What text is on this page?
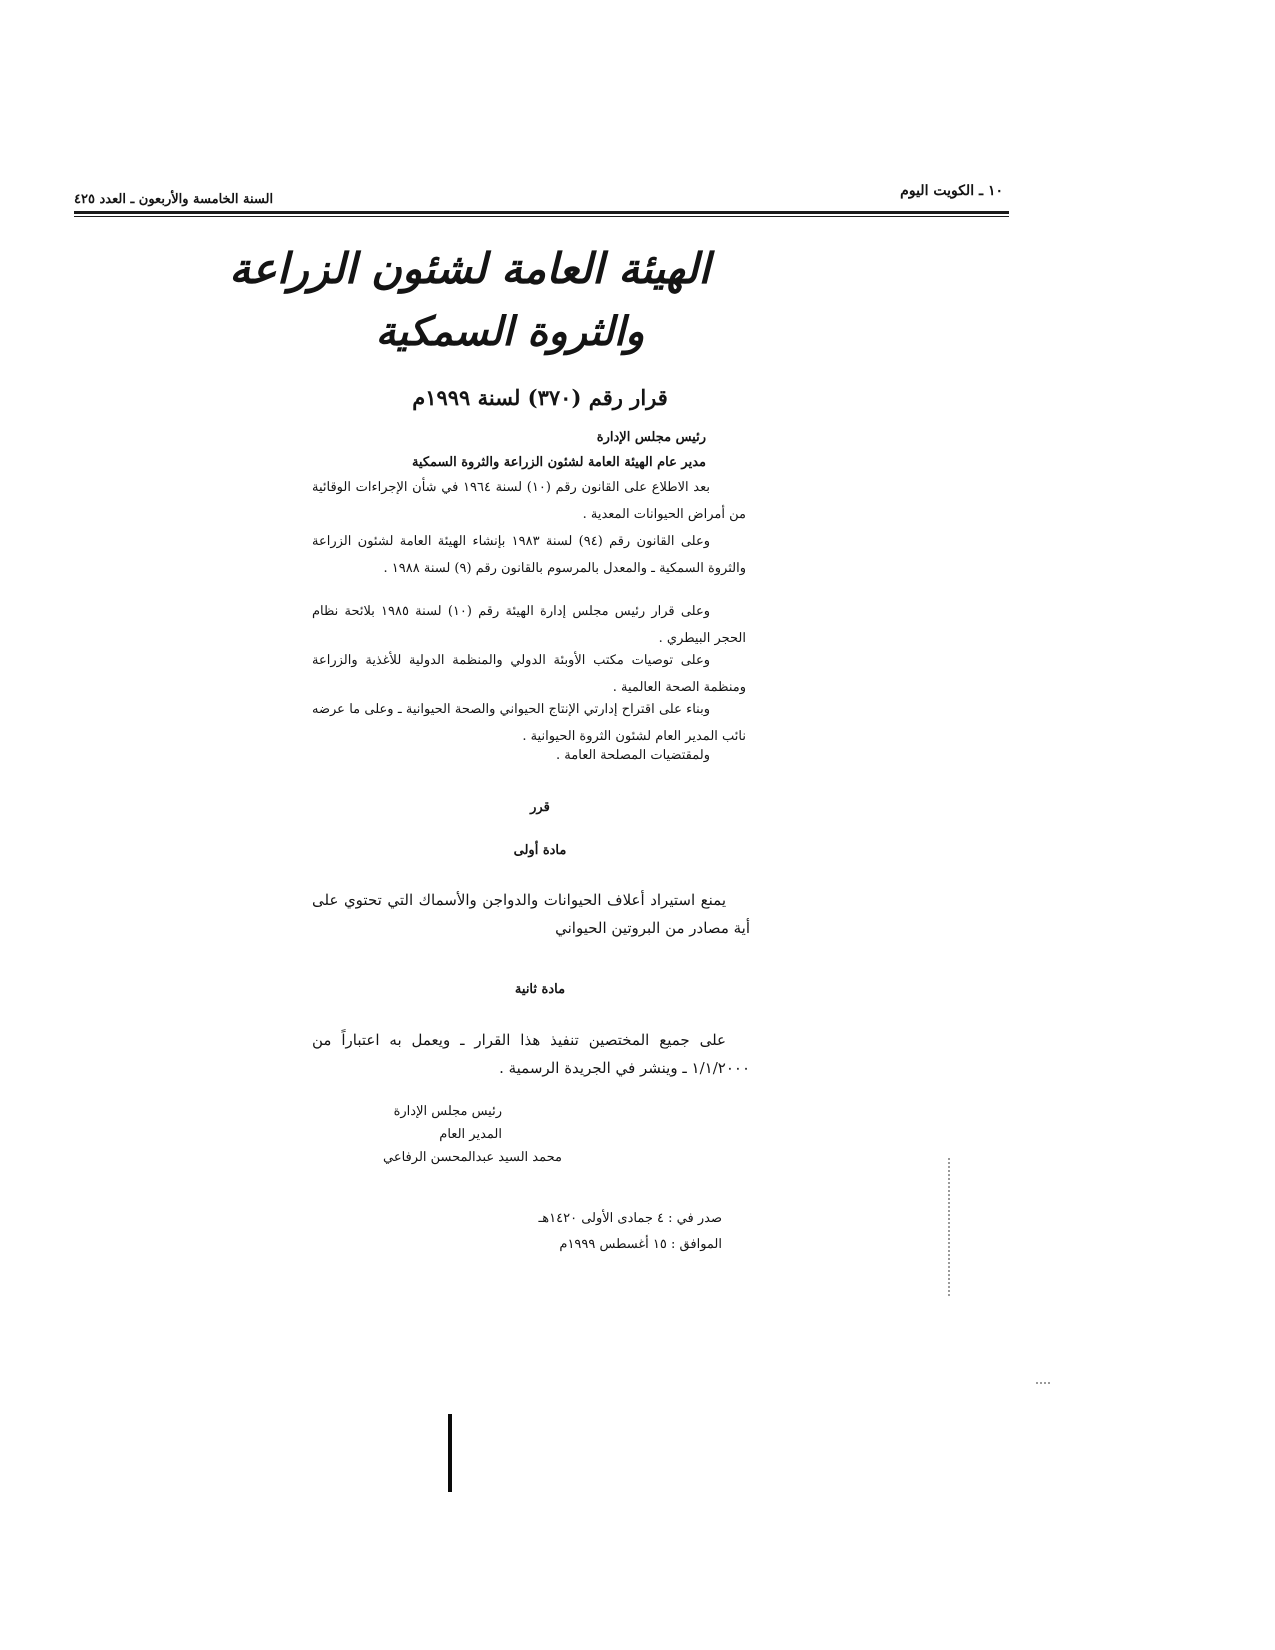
١٠ ـ الكويت اليوم
السنة الخامسة والأربعون ـ العدد ٤٢٥
الهيئة العامة لشئون الزراعة
والثروة السمكية
قرار رقم (٣٧٠) لسنة ١٩٩٩م
رئيس مجلس الإدارة
مدير عام الهيئة العامة لشئون الزراعة والثروة السمكية
بعد الاطلاع على القانون رقم (١٠) لسنة ١٩٦٤ في شأن الإجراءات الوقائية من أمراض الحيوانات المعدية .
وعلى القانون رقم (٩٤) لسنة ١٩٨٣ بإنشاء الهيئة العامة لشئون الزراعة والثروة السمكية ـ والمعدل بالمرسوم بالقانون رقم (٩) لسنة ١٩٨٨ .
وعلى قرار رئيس مجلس إدارة الهيئة رقم (١٠) لسنة ١٩٨٥ بلائحة نظام الحجر البيطري .
وعلى توصيات مكتب الأوبئة الدولي والمنظمة الدولية للأغذية والزراعة ومنظمة الصحة العالمية .
وبناء على اقتراح إدارتي الإنتاج الحيواني والصحة الحيوانية ـ وعلى ما عرضه نائب المدير العام لشئون الثروة الحيوانية .
ولمقتضيات المصلحة العامة .
قرر
مادة أولى
يمنع استيراد أعلاف الحيوانات والدواجن والأسماك التي تحتوي على أية مصادر من البروتين الحيواني
مادة ثانية
على جميع المختصين تنفيذ هذا القرار ـ ويعمل به اعتباراً من ١/١/٢٠٠٠ ـ وينشر في الجريدة الرسمية .
رئيس مجلس الإدارة
المدير العام
محمد السيد عبدالمحسن الرفاعي
صدر في : ٤ جمادى الأولى ١٤٢٠هـ
الموافق : ١٥ أغسطس ١٩٩٩م
